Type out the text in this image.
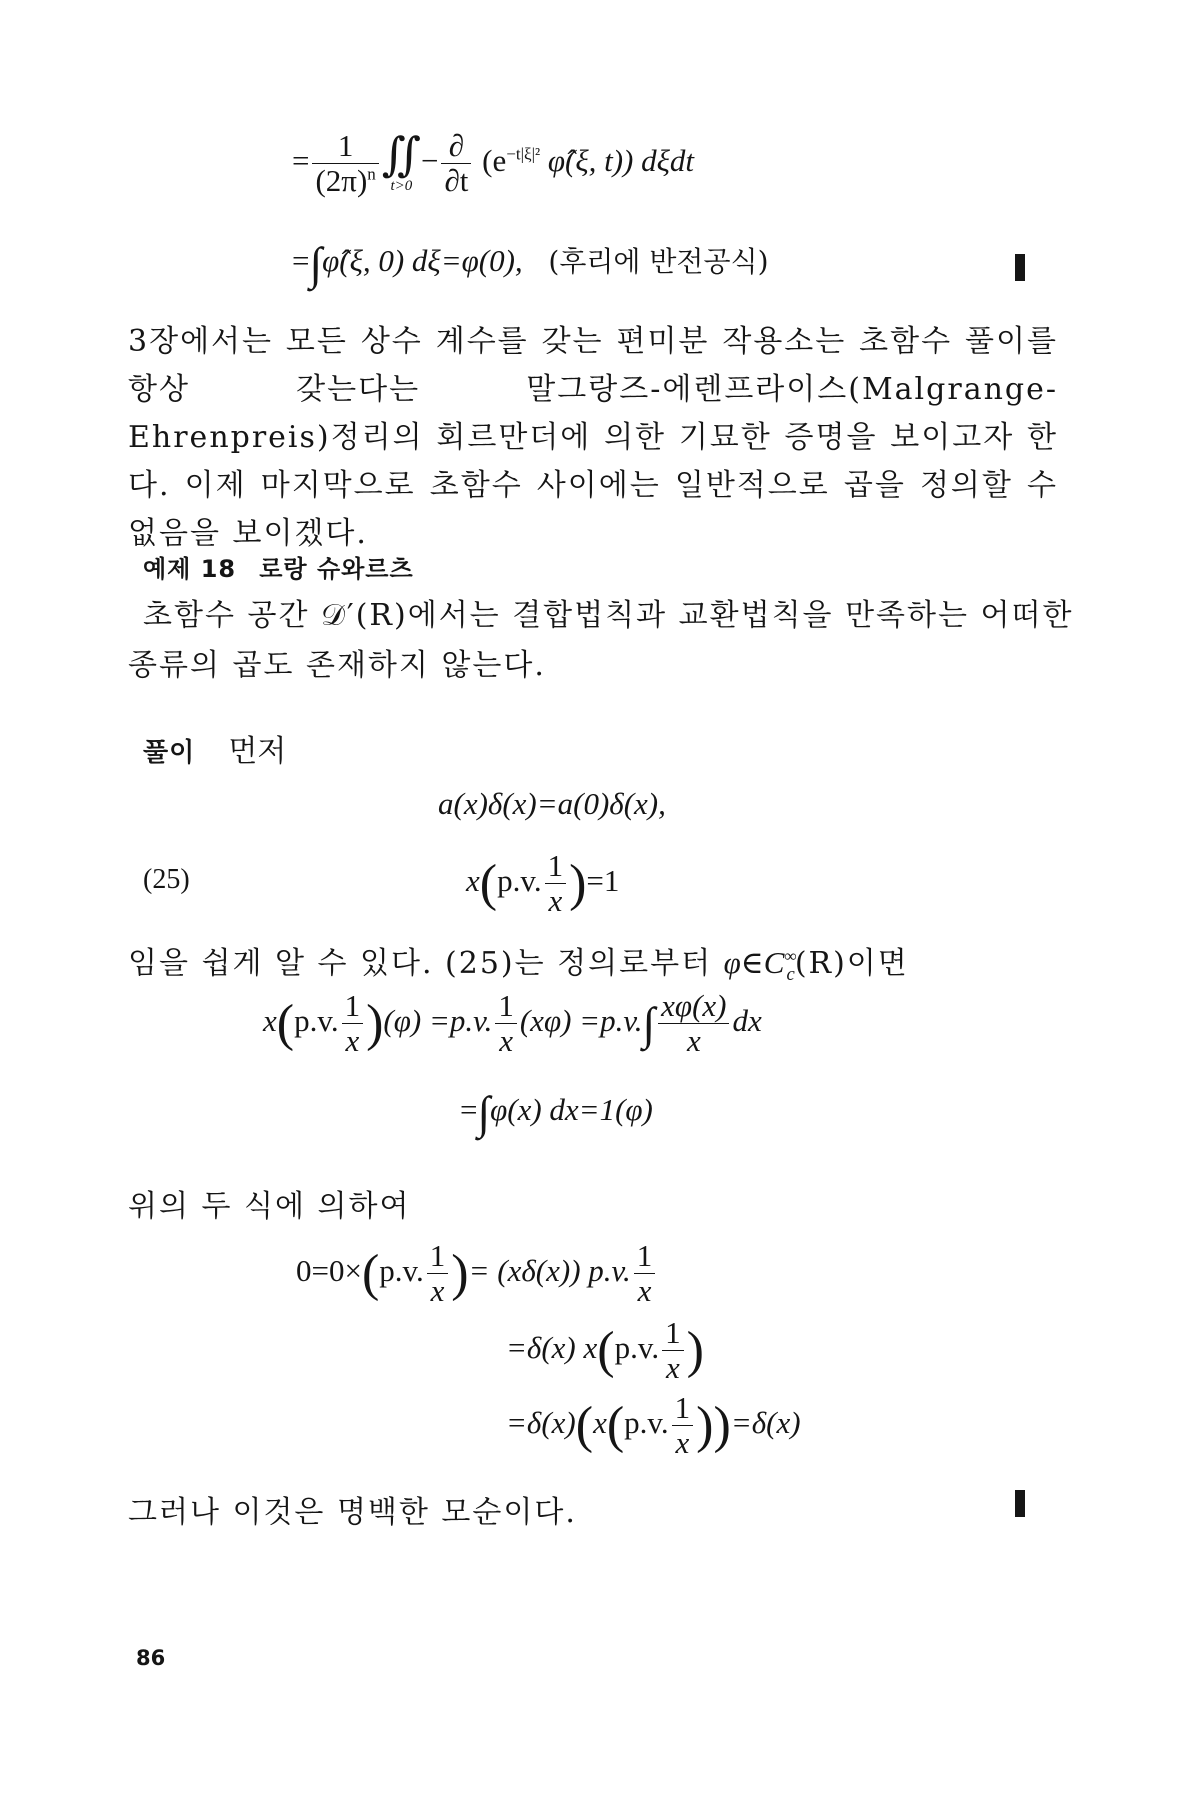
= $\frac{1}{(2\pi)^n}$ ∬
t>0
− $\frac{\partial}{\partial t} (e^{-t|\xi|^2}$ φ̂(ξ, t)) dξdt
=∫φ̂(ξ, 0) dξ=φ(0), (후리에 반전공식)
3장에서는 모든 상수 계수를 갖는 편미분 작용소는 초함수 풀이를 항상 갖는다는 말그랑즈-에렌프라이스(Malgrange-Ehrenpreis)정리의 회르만더에 의한 기묘한 증명을 보이고자 한다. 이제 마지막으로 초함수 사이에는 일반적으로 곱을 정의할 수 없음을 보이겠다.
예제 18 로랑 슈와르츠
초함수 공간 𝒟′(R)에서는 결합법칙과 교환법칙을 만족하는 어떠한
종류의 곱도 존재하지 않는다.
풀이 먼저
a(x)δ(x)=a(0)δ(x),
(25)	x(p.v. $\frac{1}{x} )=1$
임을 쉽게 알 수 있다. (25)는 정의로부터 $\varphi\in C^\infty_c(R)$이면
x(p.v. $\frac{1}{x} )(\varphi) =p.v$. $\frac{1}{x} (x\varphi) =p.v.\int \frac{x\varphi(x)}{x}$ dx
=∫φ(x) dx=1(φ)
위의 두 식에 의하여
0=0×(p.v. $\frac{1}{x}$ )= (xδ(x)) p.v. $\frac{1}{x}$
=δ(x) x(p.v. $\frac{1}{x}$ )
=δ(x)(x(p.v. $\frac{1}{x} ))=\delta(x)$
그러나 이것은 명백한 모순이다.
86
